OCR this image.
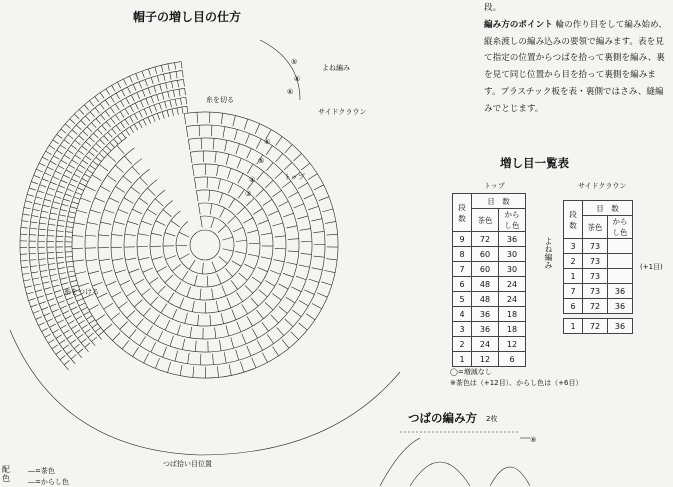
帽子の増し目の仕方
よね編み
糸を切る
サイドクラウン
トップ
糸をつける
つば拾い目位置
⑤
④
⑥
⑥
⑤
④
③
配色
―=茶色
―=からし色
段。
編み方のポイント 輪の作り目をして編み始め、縦糸渡しの編み込みの要領で編みます。表を見て指定の位置からつばを拾って裏側を編み、裏を見て同じ位置から目を拾って裏側を編みます。プラスチック板を表・裏側ではさみ、縫編みでとじます。
増し目一覧表
トップ
段数	目　数	
	茶色	からし色
9	72	36
8	60	30
7	60	30
6	48	24
5	48	24
4	36	18
3	36	18
2	24	12
1	12	6
よね編み
サイドクラウン
段数	目　数	
	茶色	からし色
3	73	
2	73	
1	73	
7	73	36
6	72	36
1	72	36
(+1目)
◯=増減なし
※茶色は（+12目）、からし色は（+6目）
つばの編み方 2枚
⑨
